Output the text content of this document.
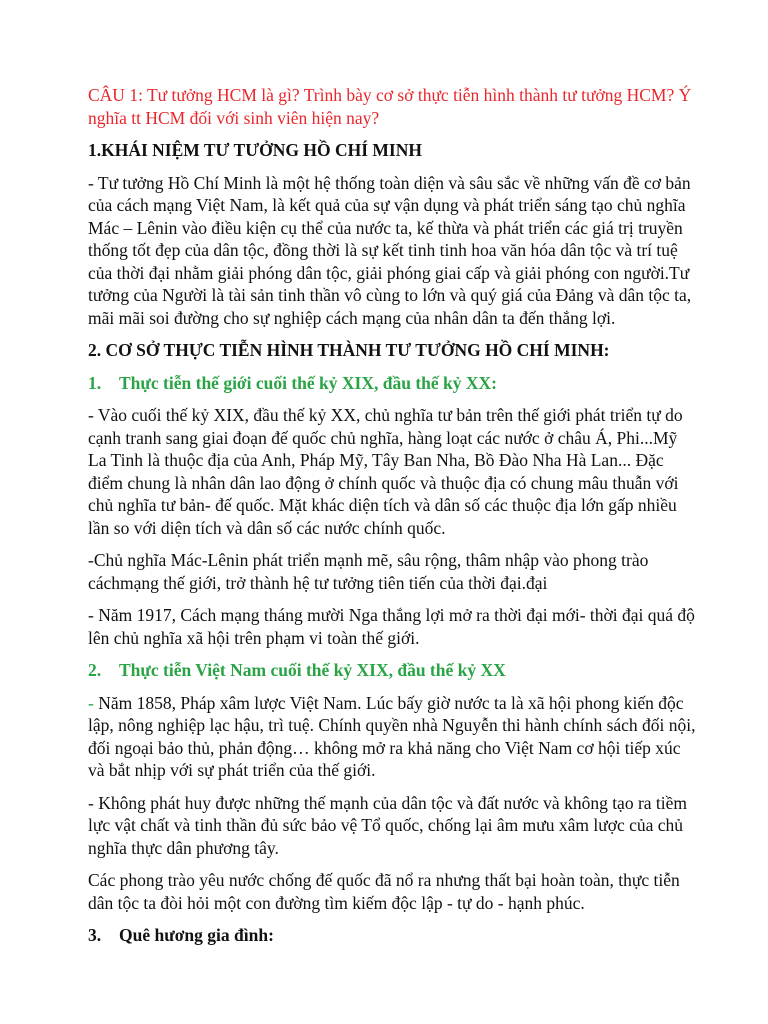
CÂU 1: Tư tưởng HCM là gì? Trình bày cơ sở thực tiễn hình thành tư tưởng HCM? Ý nghĩa tt HCM đối với sinh viên hiện nay?
1.KHÁI NIỆM TƯ TƯỞNG HỒ CHÍ MINH

- Tư tưởng Hồ Chí Minh là một hệ thống toàn diện và sâu sắc về những vấn đề cơ bản của cách mạng Việt Nam, là kết quả của sự vận dụng và phát triển sáng tạo chủ nghĩa Mác – Lênin vào điều kiện cụ thể của nước ta, kế thừa và phát triển các giá trị truyền thống tốt đẹp của dân tộc, đồng thời là sự kết tinh tinh hoa văn hóa dân tộc và trí tuệ của thời đại nhằm giải phóng dân tộc, giải phóng giai cấp và giải phóng con người.Tư tưởng của Người là tài sản tinh thần vô cùng to lớn và quý giá của Đảng và dân tộc ta, mãi mãi soi đường cho sự nghiệp cách mạng của nhân dân ta đến thắng lợi.

2. CƠ SỞ THỰC TIỄN HÌNH THÀNH TƯ TƯỞNG HỒ CHÍ MINH:
1.	Thực tiễn thế giới cuối thế kỷ XIX, đầu thế kỷ XX:

- Vào cuối thế kỷ XIX, đầu thế kỷ XX, chủ nghĩa tư bản trên thế giới phát triển tự do cạnh tranh sang giai đoạn đế quốc chủ nghĩa, hàng loạt các nước ở châu Á, Phi...Mỹ La Tinh là thuộc địa của Anh, Pháp Mỹ, Tây Ban Nha, Bồ Đào Nha Hà Lan... Đặc điểm chung là nhân dân lao động ở chính quốc và thuộc địa có chung mâu thuẫn với chủ nghĩa tư bản- đế quốc. Mặt khác diện tích và dân số các thuộc địa lớn gấp nhiều lần so với diện tích và dân số các nước chính quốc.

-Chủ nghĩa Mác-Lênin phát triển mạnh mẽ, sâu rộng, thâm nhập vào phong trào cáchmạng thế giới, trở thành hệ tư tưởng tiên tiến của thời đại.đại

- Năm 1917, Cách mạng tháng mười Nga thắng lợi mở ra thời đại mới- thời đại quá độ lên chủ nghĩa xã hội trên phạm vi toàn thế giới.

2.	Thực tiễn Việt Nam cuối thế kỷ XIX, đầu thế kỷ XX

- Năm 1858, Pháp xâm lược Việt Nam. Lúc bấy giờ nước ta là xã hội phong kiến độc lập, nông nghiệp lạc hậu, trì tuệ. Chính quyền nhà Nguyễn thi hành chính sách đối nội, đối ngoại bảo thủ, phản động… không mở ra khả năng cho Việt Nam cơ hội tiếp xúc và bắt nhịp với sự phát triển của thế giới.

- Không phát huy được những thế mạnh của dân tộc và đất nước và không tạo ra tiềm lực vật chất và tinh thần đủ sức bảo vệ Tổ quốc, chống lại âm mưu xâm lược của chủ nghĩa thực dân phương tây.

Các phong trào yêu nước chống đế quốc đã nổ ra nhưng thất bại hoàn toàn, thực tiễn dân tộc ta đòi hỏi một con đường tìm kiếm độc lập - tự do - hạnh phúc.

3.	Quê hương gia đình:
